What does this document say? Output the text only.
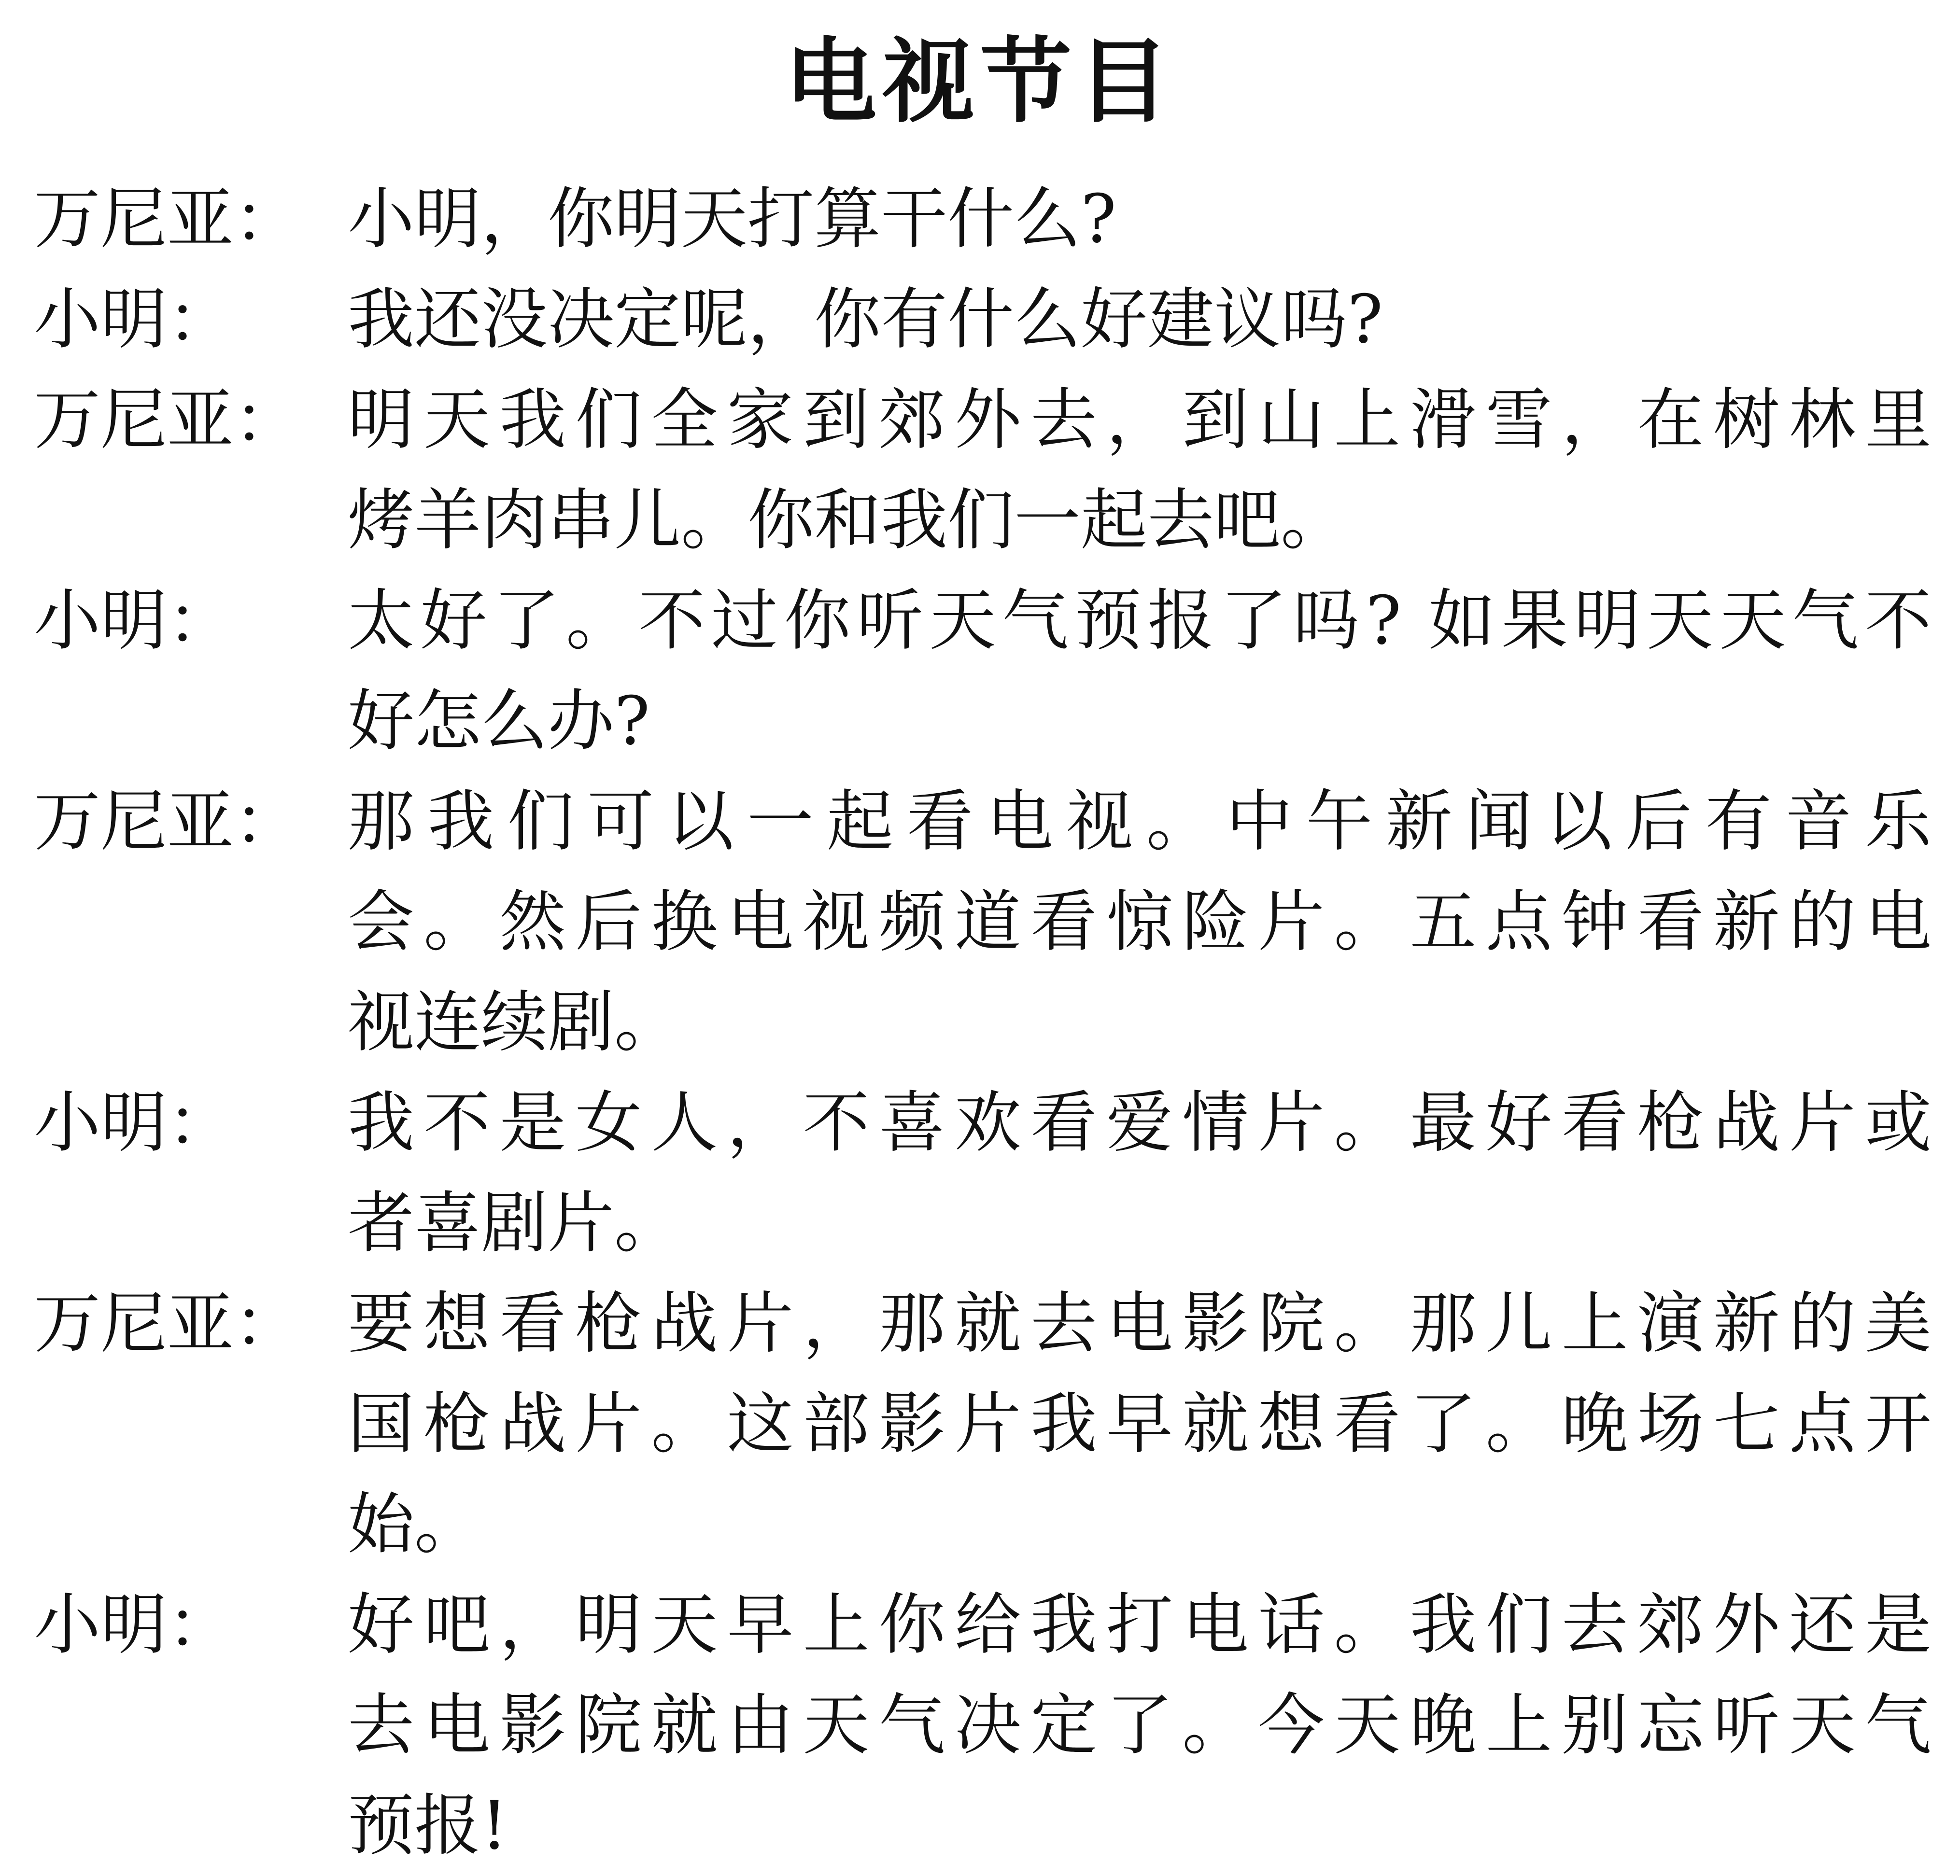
电视节目
万尼亚： 小明，你明天打算干什么?
小明：	我还没决定呢，你有什么好建议吗?
万尼亚： 明天我们全家到郊外去，到山上滑雪，在树林里
烤羊肉串儿。你和我们一起去吧。
小明：	太好了。不过你听天气预报了吗? 如果明天天气不
好怎么办?
万尼亚： 那我们可以一起看电视。中午新闻以后有音乐
会。然后换电视频道看惊险片。五点钟看新的电
视连续剧。
小明：	我不是女人，不喜欢看爱情片。最好看枪战片或
者喜剧片。
万尼亚： 要想看枪战片，那就去电影院。那儿上演新的美
国枪战片。这部影片我早就想看了。晚场七点开
始。
小明：	好吧，明天早上你给我打电话。我们去郊外还是
去电影院就由天气决定了。今天晚上别忘听天气
预报!
